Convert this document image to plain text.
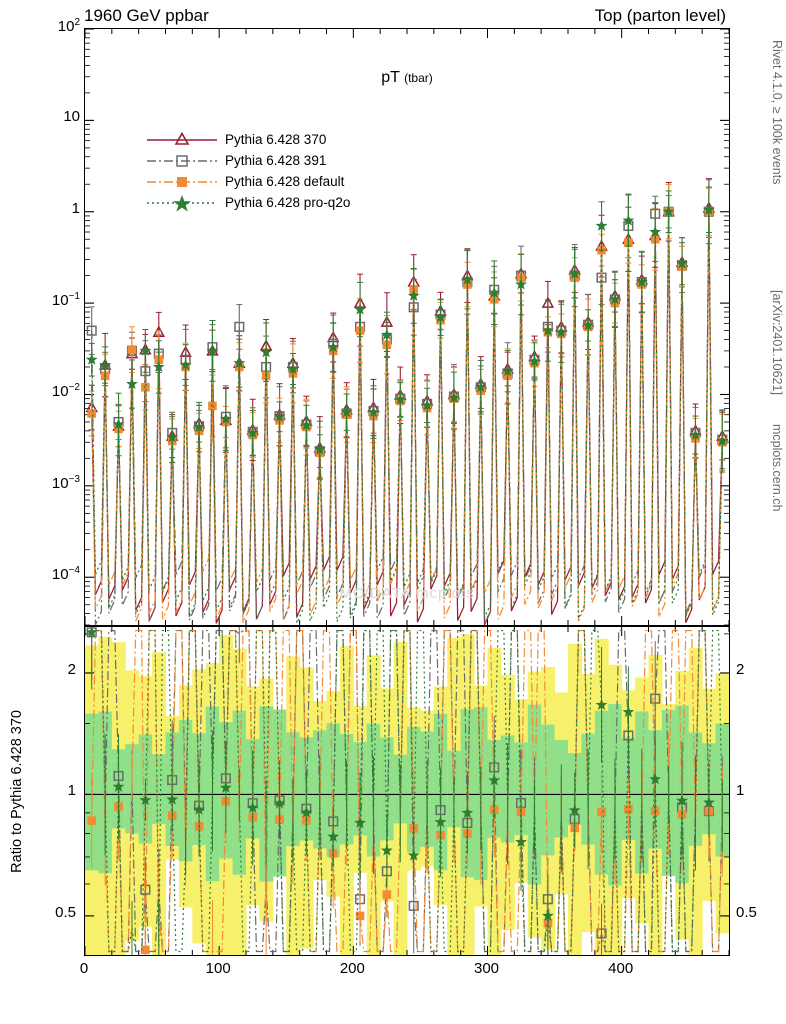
1960 GeV ppbar	Top (parton level)
Rivet 4.1.0, ≥ 100k events
[arXiv:2401.10621]
mcplots.cern.ch
pT (tbar)
Pythia 6.428 370
Pythia 6.428 391
Pythia 6.428 default
Pythia 6.428 pro-q2o
MC/DATA mcplots
$10^2$
10
1
$10^{-1}$
$10^{-2}$
$10^{-3}$
$10^{-4}$
Ratio to Pythia 6.428 370
2
1
0.5
2
1
0.5
0	100	200	300	400
